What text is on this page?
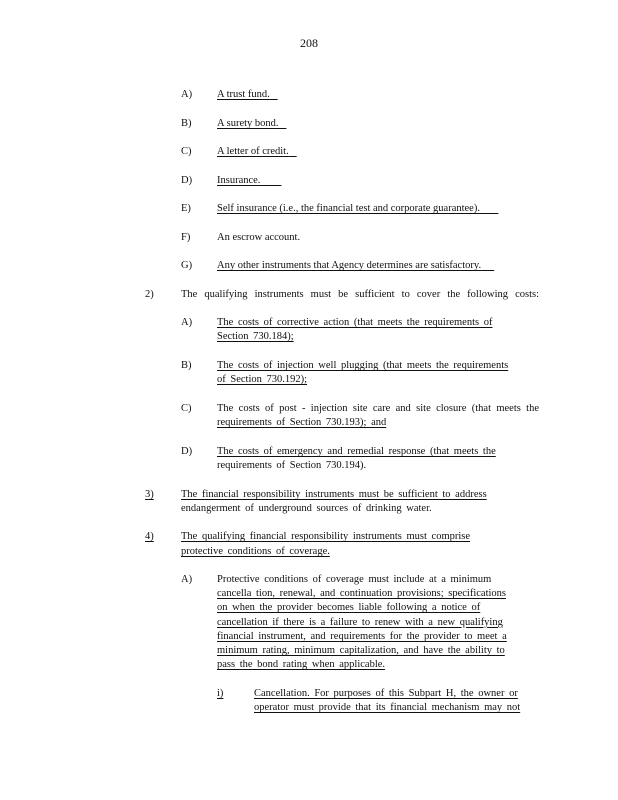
208
A) A trust fund.
B) A surety bond.
C) A letter of credit.
D) Insurance.
E) Self insurance (i.e., the financial test and corporate guarantee).
F)	An escrow account.
G) Any other instruments that Agency determines are satisfactory.
2)	The qualifying instruments must be sufficient to cover the following costs:
A) The costs of corrective action (that meets the requirements of
Section 730.184);
B) The costs of injection well plugging (that meets the requirements
of Section 730.192);
C) The costs of post - injection site care and site closure (that meets the
requirements of Section 730.193); and
D) The costs of emergency and remedial response (that meets the
requirements of Section 730.194).
3)	The financial responsibility instruments must be sufficient to address
endangerment of underground sources of drinking water.
4)	The qualifying financial responsibility instruments must comprise
protective conditions of coverage.
A) Protective conditions of coverage must include at a minimum
cancella tion, renewal, and continuation provisions; specifications
on when the provider becomes liable following a notice of
cancellation if there is a failure to renew with a new qualifying
financial instrument, and requirements for the provider to meet a
minimum rating, minimum capitalization, and have the ability to
pass the bond rating when applicable.
i)	Cancellation. For purposes of this Subpart H, the owner or
operator must provide that its financial mechanism may not
